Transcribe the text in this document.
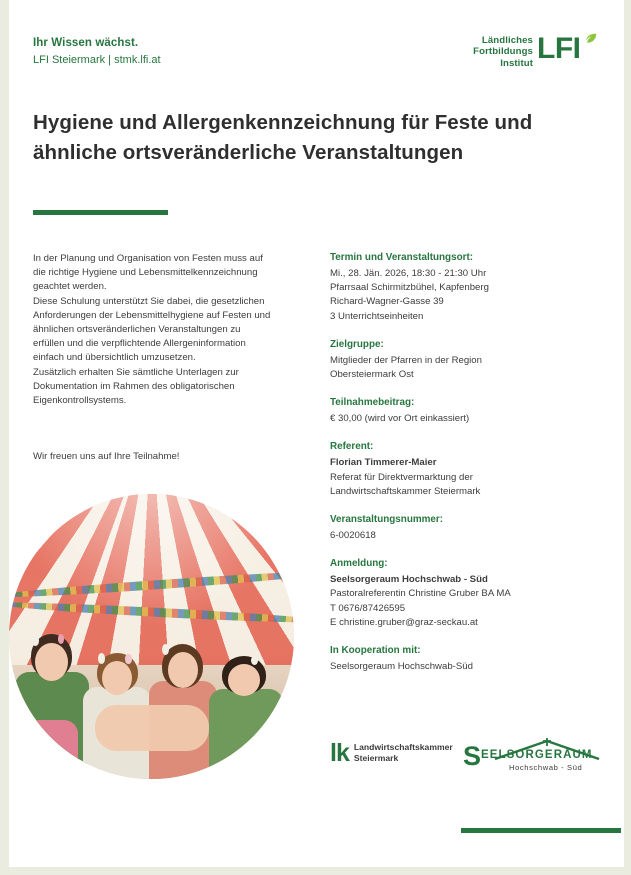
Ihr Wissen wächst.
LFI Steiermark | stmk.lfi.at
Ländliches
Fortbildungs
Institut LFI
Hygiene und Allergenkennzeichnung für Feste und ähnliche ortsveränderliche Veranstaltungen

In der Planung und Organisation von Festen muss auf die richtige Hygiene und Lebensmittelkennzeichnung geachtet werden.

Diese Schulung unterstützt Sie dabei, die gesetzlichen Anforderungen der Lebensmittelhygiene auf Festen und ähnlichen ortsveränderlichen Veranstaltungen zu erfüllen und die verpflichtende Allergeninformation einfach und übersichtlich umzusetzen.

Zusätzlich erhalten Sie sämtliche Unterlagen zur Dokumentation im Rahmen des obligatorischen Eigenkontrollsystems.

Wir freuen uns auf Ihre Teilnahme!
© stock.adobe.com
Termin und Veranstaltungsort:
Mi., 28. Jän. 2026, 18:30 - 21:30 Uhr
Pfarrsaal Schirmitzbühel, Kapfenberg
Richard-Wagner-Gasse 39
3 Unterrichtseinheiten
Zielgruppe:
Mitglieder der Pfarren in der Region
Obersteiermark Ost
Teilnahmebeitrag:
€ 30,00 (wird vor Ort einkassiert)
Referent:
Florian Timmerer-Maier
Referat für Direktvermarktung der
Landwirtschaftskammer Steiermark
Veranstaltungsnummer:
6-0020618
Anmeldung:
Seelsorgeraum Hochschwab - Süd
Pastoralreferentin Christine Gruber BA MA
T 0676/87426595
E christine.gruber@graz-seckau.at
In Kooperation mit:
Seelsorgeraum Hochschwab-Süd
lk Landwirtschaftskammer
Steiermark	S EELSORGERAUM
Hochschwab - Süd
